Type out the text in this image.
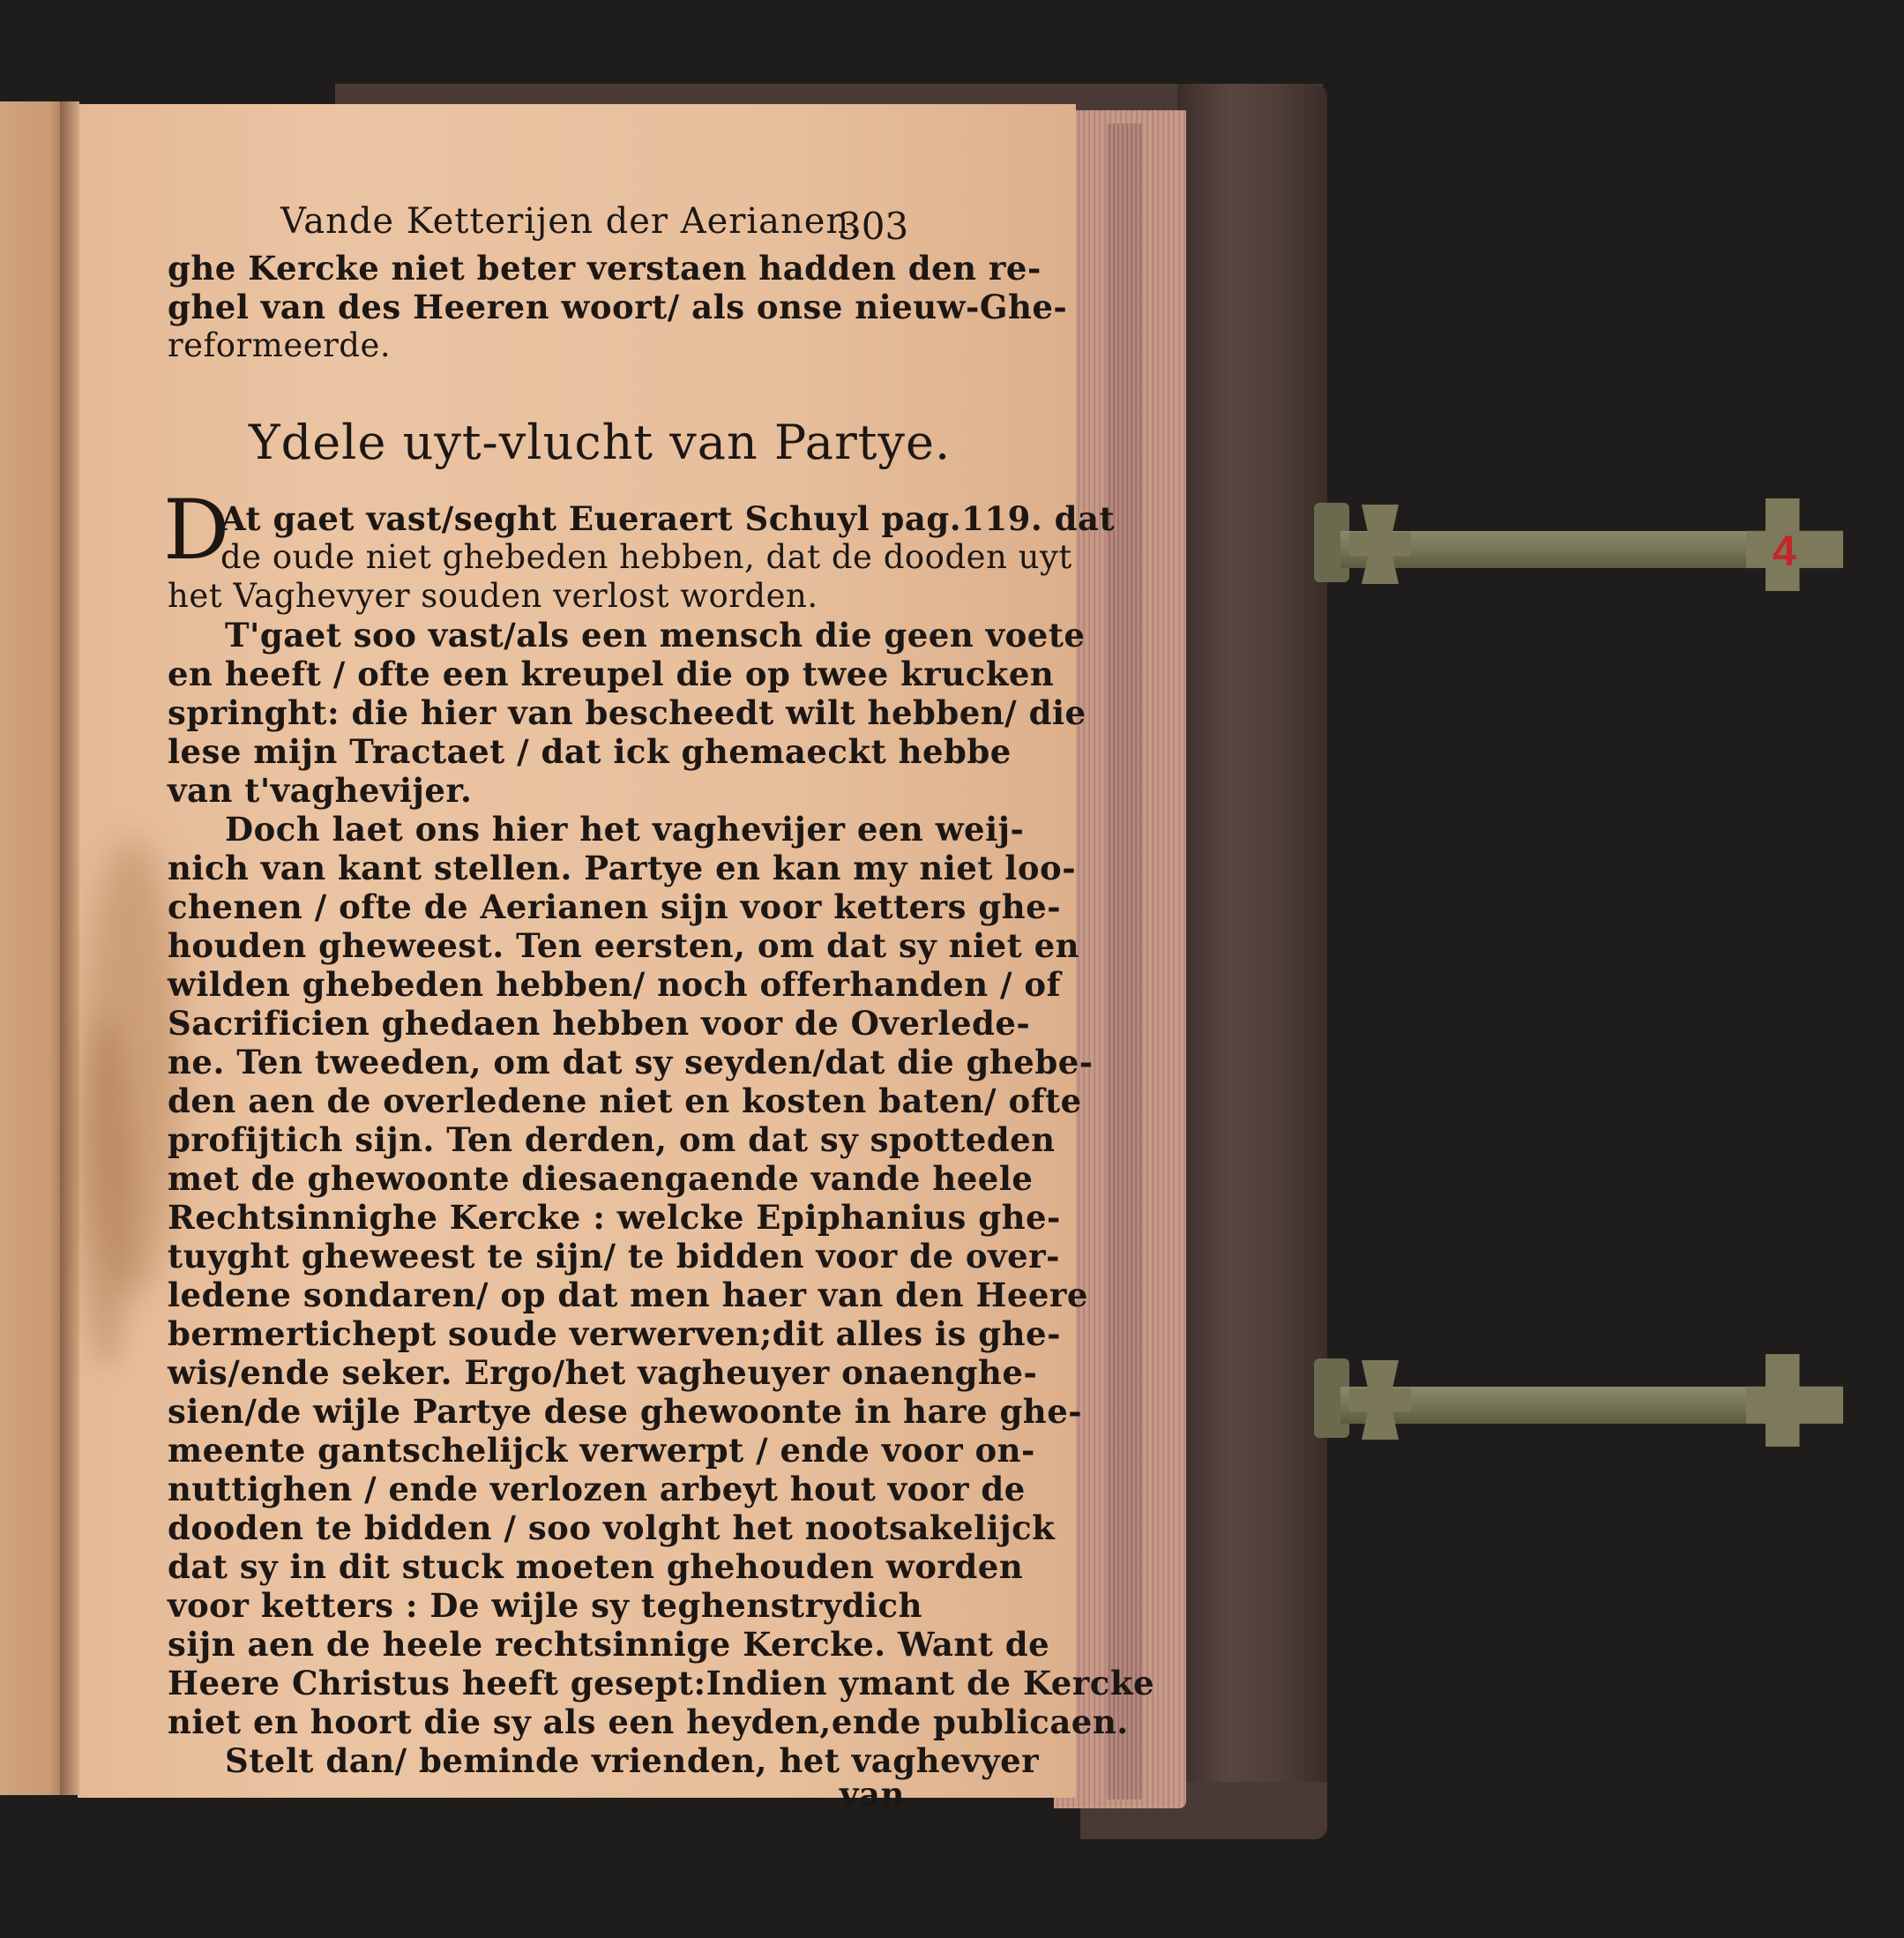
4
Vande Ketterijen der Aerianen.
303
ghe Kercke niet beter verstaen hadden den re-
ghel van des Heeren woort/ als onse nieuw-Ghe-
reformeerde.
Ydele uyt-vlucht van Partye.
D
At gaet vast/seght Eueraert Schuyl pag.119. dat
de oude niet ghebeden hebben, dat de dooden uyt
het Vaghevyer souden verlost worden.
T'gaet soo vast/als een mensch die geen voete
en heeft / ofte een kreupel die op twee krucken
springht: die hier van bescheedt wilt hebben/ die
lese mijn Tractaet / dat ick ghemaeckt hebbe
van t'vaghevijer.
Doch laet ons hier het vaghevijer een weij-
nich van kant stellen. Partye en kan my niet loo-
chenen / ofte de Aerianen sijn voor ketters ghe-
houden gheweest. Ten eersten, om dat sy niet en
wilden ghebeden hebben/ noch offerhanden / of
Sacrificien ghedaen hebben voor de Overlede-
ne. Ten tweeden, om dat sy seyden/dat die ghebe-
den aen de overledene niet en kosten baten/ ofte
profijtich sijn. Ten derden, om dat sy spotteden
met de ghewoonte diesaengaende vande heele
Rechtsinnighe Kercke : welcke Epiphanius ghe-
tuyght gheweest te sijn/ te bidden voor de over-
ledene sondaren/ op dat men haer van den Heere
bermertichept soude verwerven;dit alles is ghe-
wis/ende seker. Ergo/het vagheuyer onaenghe-
sien/de wijle Partye dese ghewoonte in hare ghe-
meente gantschelijck verwerpt / ende voor on-
nuttighen / ende verlozen arbeyt hout voor de
dooden te bidden / soo volght het nootsakelijck
dat sy in dit stuck moeten ghehouden worden
voor ketters : De wijle sy teghenstrydich
sijn aen de heele rechtsinnige Kercke. Want de
Heere Christus heeft gesept:Indien ymant de Kercke
niet en hoort die sy als een heyden,ende publicaen.
Stelt dan/ beminde vrienden, het vaghevyer
van
